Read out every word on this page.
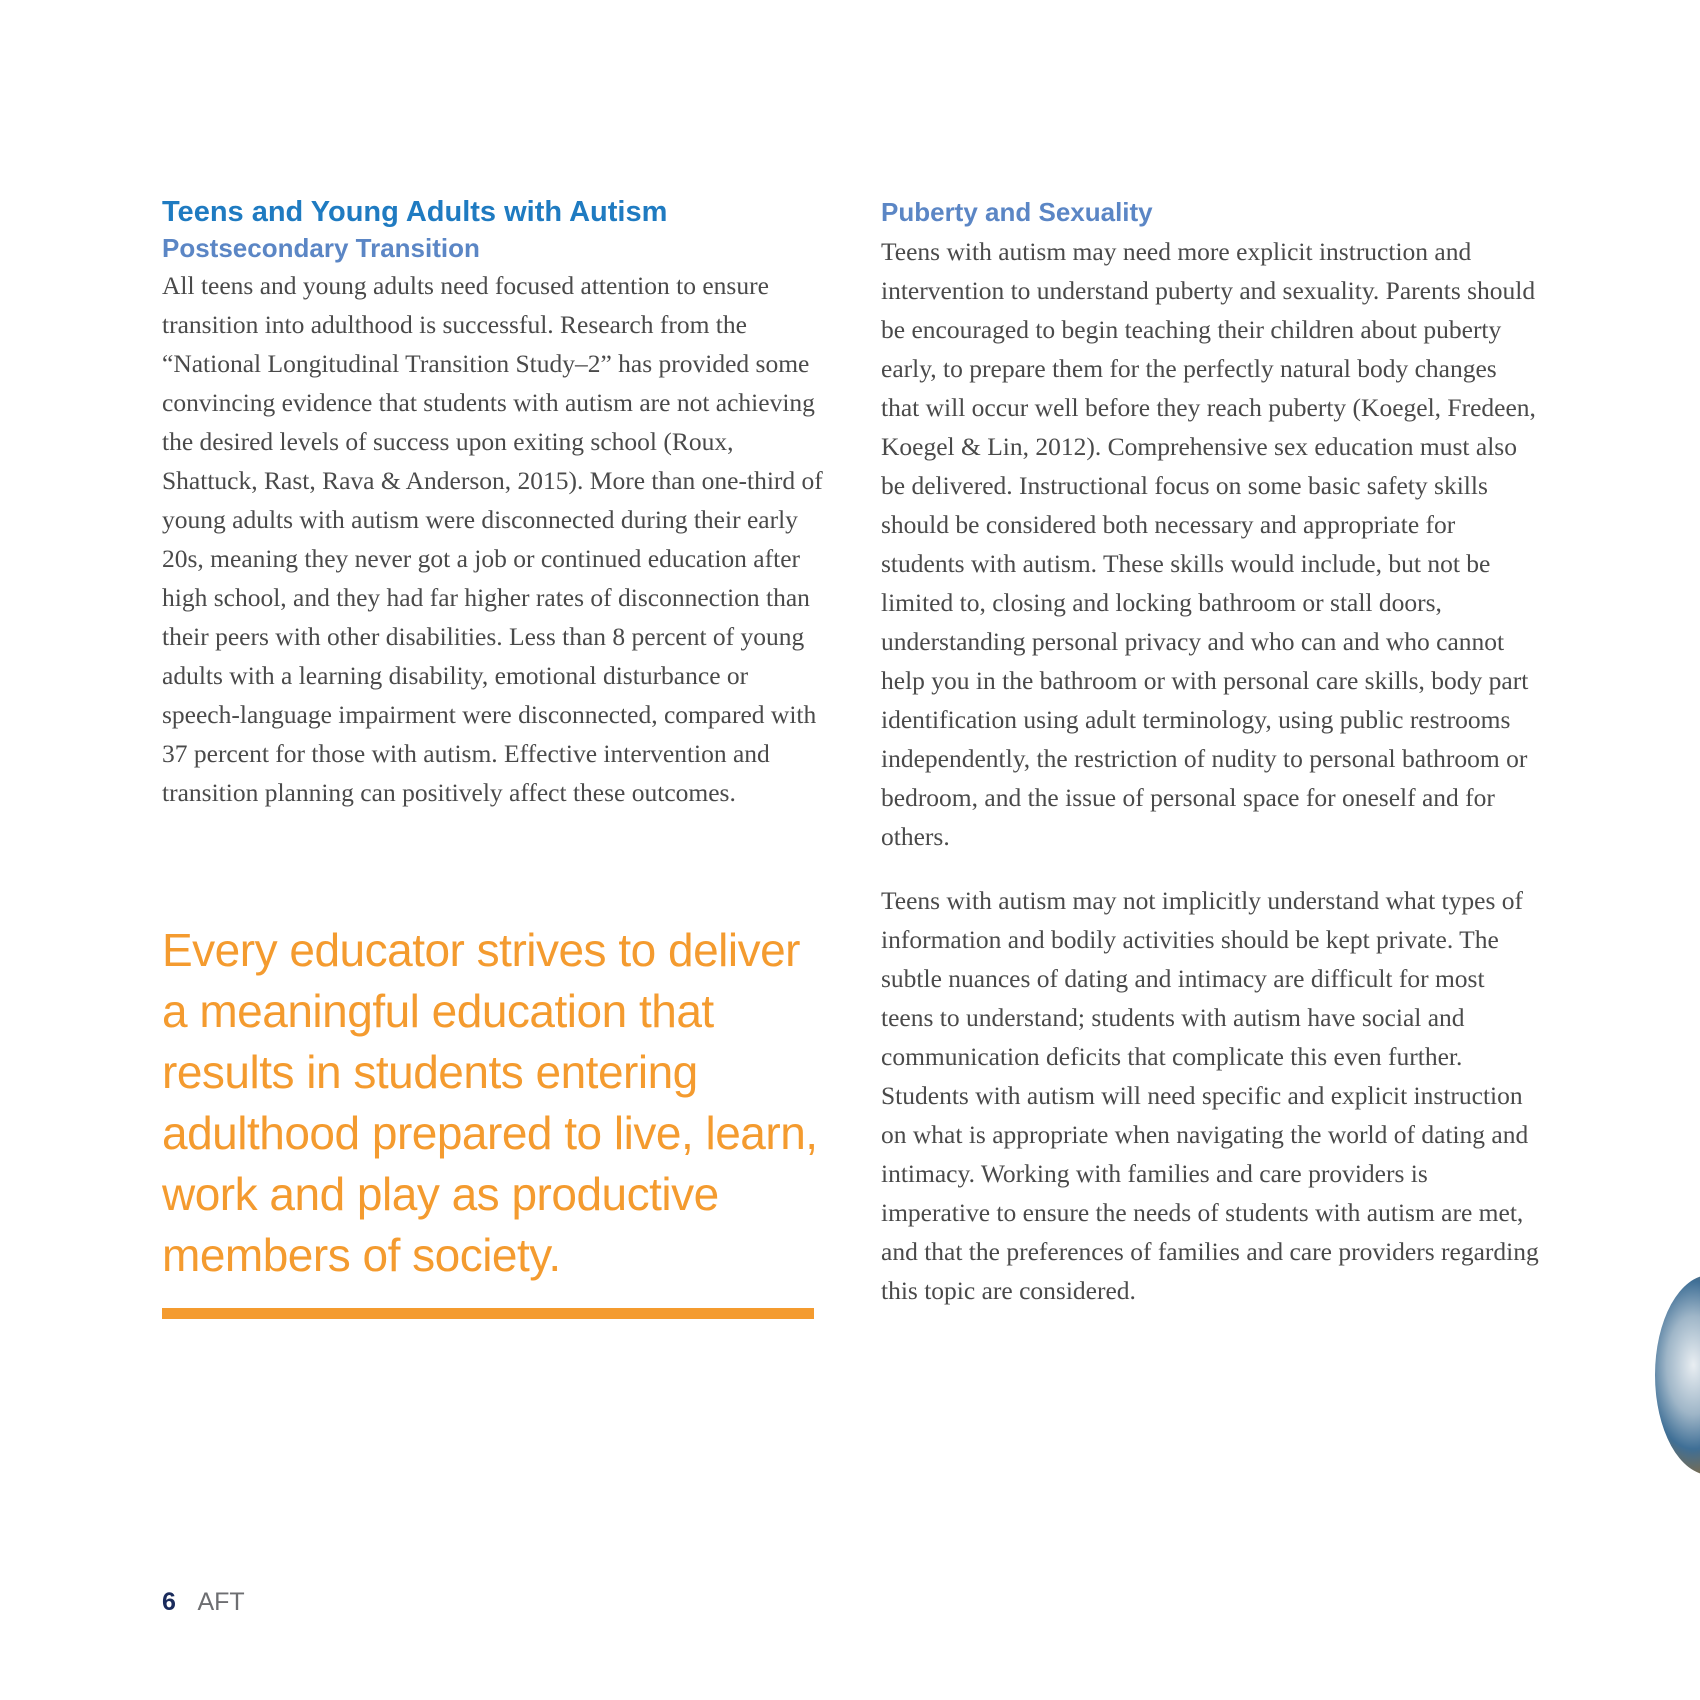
Teens and Young Adults with Autism
Postsecondary Transition

All teens and young adults need focused attention to ensure transition into adulthood is successful. Research from the “National Longitudinal Transition Study–2” has provided some convincing evidence that students with autism are not achieving the desired levels of success upon exiting school (Roux, Shattuck, Rast, Rava & Anderson, 2015). More than one-third of young adults with autism were disconnected during their early 20s, meaning they never got a job or continued education after high school, and they had far higher rates of disconnection than their peers with other disabilities. Less than 8 percent of young adults with a learning disability, emotional disturbance or speech-language impairment were disconnected, compared with 37 percent for those with autism. Effective intervention and transition planning can positively affect these outcomes.

Every educator strives to deliver a meaningful education that results in students entering adulthood prepared to live, learn, work and play as productive members of society.

Puberty and Sexuality

Teens with autism may need more explicit instruction and intervention to understand puberty and sexuality. Parents should be encouraged to begin teaching their children about puberty early, to prepare them for the perfectly natural body changes that will occur well before they reach puberty (Koegel, Fredeen, Koegel & Lin, 2012). Comprehensive sex education must also be delivered. Instructional focus on some basic safety skills should be considered both necessary and appropriate for students with autism. These skills would include, but not be limited to, closing and locking bathroom or stall doors, understanding personal privacy and who can and who cannot help you in the bathroom or with personal care skills, body part identification using adult terminology, using public restrooms independently, the restriction of nudity to personal bathroom or bedroom, and the issue of personal space for oneself and for others.

Teens with autism may not implicitly understand what types of information and bodily activities should be kept private. The subtle nuances of dating and intimacy are difficult for most teens to understand; students with autism have social and communication deficits that complicate this even further. Students with autism will need specific and explicit instruction on what is appropriate when navigating the world of dating and intimacy. Working with families and care providers is imperative to ensure the needs of students with autism are met, and that the preferences of families and care providers regarding this topic are considered.

6 AFT
